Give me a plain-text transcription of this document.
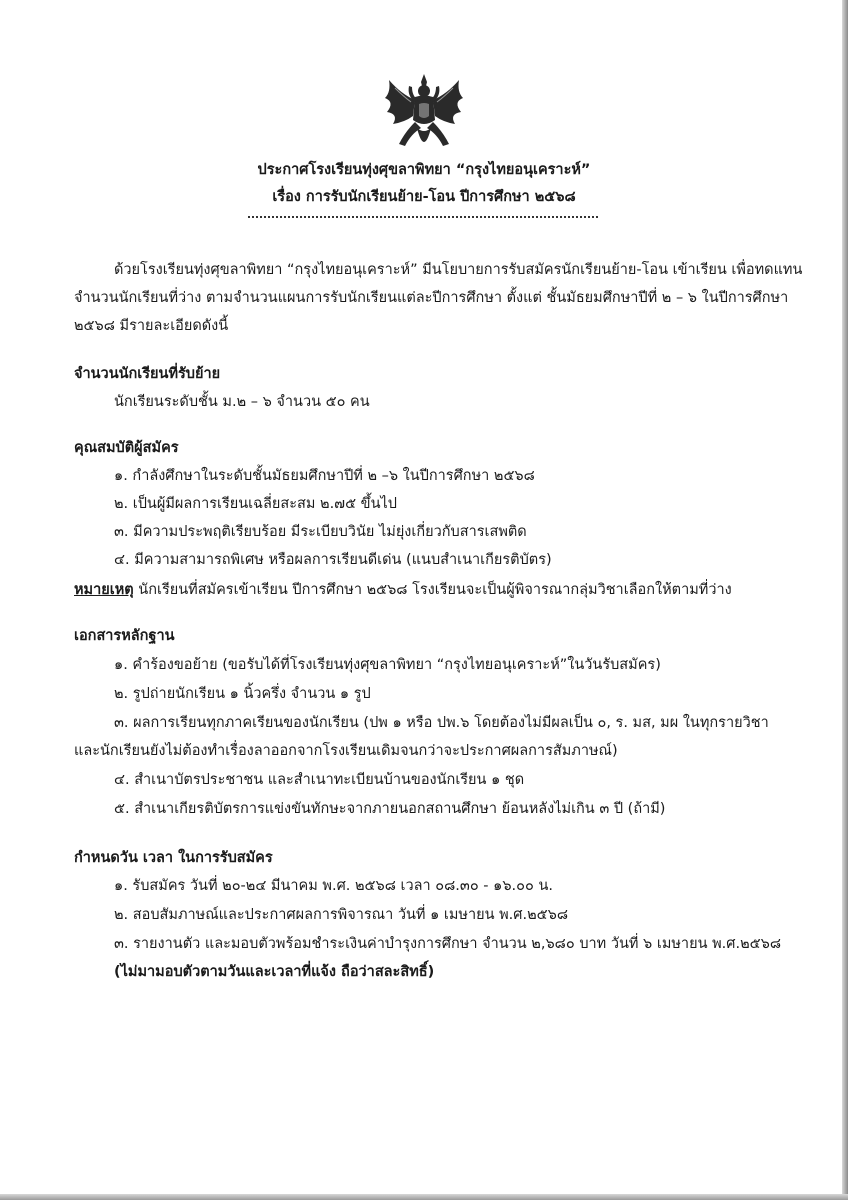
ประกาศโรงเรียนทุ่งศุขลาพิทยา “กรุงไทยอนุเคราะห์”
เรื่อง การรับนักเรียนย้าย-โอน ปีการศึกษา ๒๕๖๘
ด้วยโรงเรียนทุ่งศุขลาพิทยา “กรุงไทยอนุเคราะห์” มีนโยบายการรับสมัครนักเรียนย้าย-โอน เข้าเรียน เพื่อทดแทน
จำนวนนักเรียนที่ว่าง ตามจำนวนแผนการรับนักเรียนแต่ละปีการศึกษา ตั้งแต่ ชั้นมัธยมศึกษาปีที่ ๒ – ๖ ในปีการศึกษา
๒๕๖๘ มีรายละเอียดดังนี้
จำนวนนักเรียนที่รับย้าย
นักเรียนระดับชั้น ม.๒ – ๖ จำนวน ๕๐ คน
คุณสมบัติผู้สมัคร
๑. กำลังศึกษาในระดับชั้นมัธยมศึกษาปีที่ ๒ –๖ ในปีการศึกษา ๒๕๖๘
๒. เป็นผู้มีผลการเรียนเฉลี่ยสะสม ๒.๗๕ ขึ้นไป
๓. มีความประพฤติเรียบร้อย มีระเบียบวินัย ไม่ยุ่งเกี่ยวกับสารเสพติด
๔. มีความสามารถพิเศษ หรือผลการเรียนดีเด่น (แนบสำเนาเกียรติบัตร)
หมายเหตุ นักเรียนที่สมัครเข้าเรียน ปีการศึกษา ๒๕๖๘ โรงเรียนจะเป็นผู้พิจารณากลุ่มวิชาเลือกให้ตามที่ว่าง
เอกสารหลักฐาน
๑. คำร้องขอย้าย (ขอรับได้ที่โรงเรียนทุ่งศุขลาพิทยา “กรุงไทยอนุเคราะห์”ในวันรับสมัคร)
๒. รูปถ่ายนักเรียน ๑ นิ้วครึ่ง จำนวน ๑ รูป
๓. ผลการเรียนทุกภาคเรียนของนักเรียน (ปพ ๑ หรือ ปพ.๖ โดยต้องไม่มีผลเป็น ๐, ร. มส, มผ ในทุกรายวิชา
และนักเรียนยังไม่ต้องทำเรื่องลาออกจากโรงเรียนเดิมจนกว่าจะประกาศผลการสัมภาษณ์)
๔. สำเนาบัตรประชาชน และสำเนาทะเบียนบ้านของนักเรียน ๑ ชุด
๕. สำเนาเกียรติบัตรการแข่งขันทักษะจากภายนอกสถานศึกษา ย้อนหลังไม่เกิน ๓ ปี (ถ้ามี)
กำหนดวัน เวลา ในการรับสมัคร
๑. รับสมัคร วันที่ ๒๐-๒๔ มีนาคม พ.ศ. ๒๕๖๘ เวลา ๐๘.๓๐ - ๑๖.๐๐ น.
๒. สอบสัมภาษณ์และประกาศผลการพิจารณา วันที่ ๑ เมษายน พ.ศ.๒๕๖๘
๓. รายงานตัว และมอบตัวพร้อมชำระเงินค่าบำรุงการศึกษา จำนวน ๒,๖๘๐ บาท วันที่ ๖ เมษายน พ.ศ.๒๕๖๘
(ไม่มามอบตัวตามวันและเวลาที่แจ้ง ถือว่าสละสิทธิ์)
